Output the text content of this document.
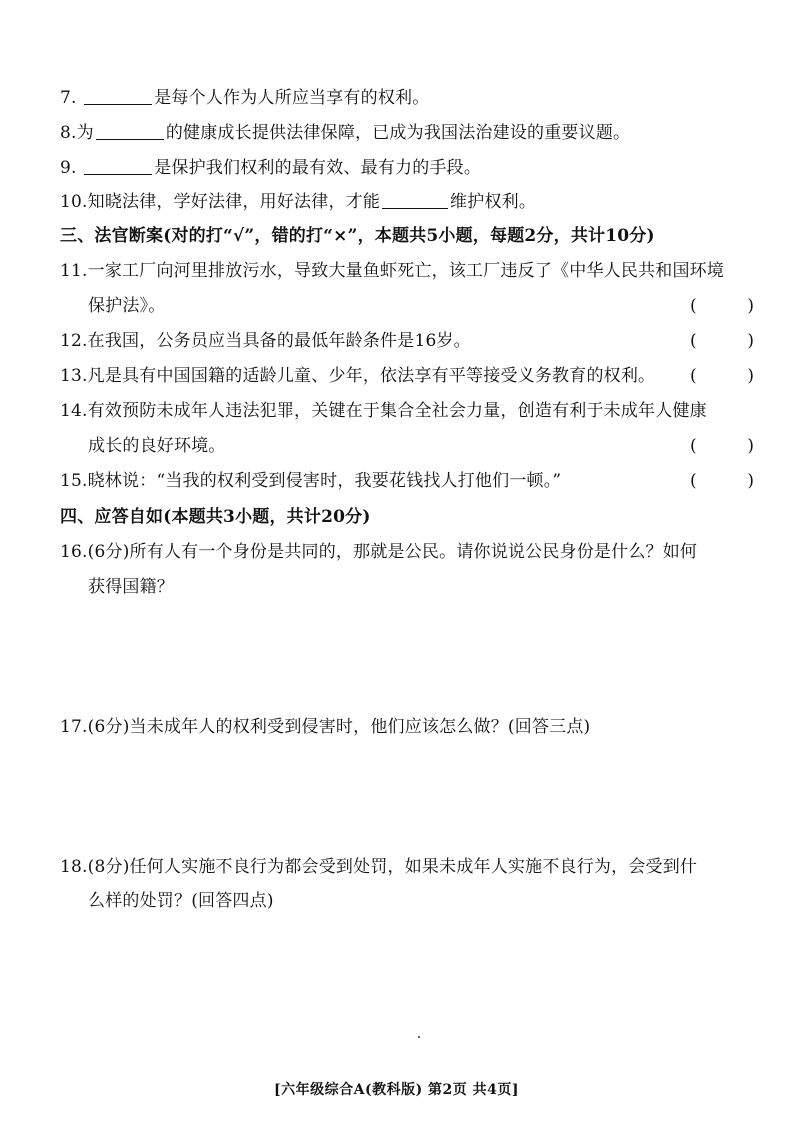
7.	是每个人作为人所应当享有的权利。
8.为	的健康成长提供法律保障，已成为我国法治建设的重要议题。
9.	是保护我们权利的最有效、最有力的手段。
10.知晓法律，学好法律，用好法律，才能	维护权利。
三、法官断案(对的打“√”，错的打“×”，本题共5小题，每题2分，共计10分)
11.一家工厂向河里排放污水，导致大量鱼虾死亡，该工厂违反了《中华人民共和国环境
保护法》。	(	)
12.在我国，公务员应当具备的最低年龄条件是16岁。	(	)
13.凡是具有中国国籍的适龄儿童、少年，依法享有平等接受义务教育的权利。	(	)
14.有效预防未成年人违法犯罪，关键在于集合全社会力量，创造有利于未成年人健康
成长的良好环境。	(	)
15.晓林说：“当我的权利受到侵害时，我要花钱找人打他们一顿。”	(	)
四、应答自如(本题共3小题，共计20分)
16.(6分)所有人有一个身份是共同的，那就是公民。请你说说公民身份是什么？如何
获得国籍？
17.(6分)当未成年人的权利受到侵害时，他们应该怎么做？(回答三点)
18.(8分)任何人实施不良行为都会受到处罚，如果未成年人实施不良行为，会受到什
么样的处罚？(回答四点)
[六年级综合A(教科版) 第2页 共4页]
